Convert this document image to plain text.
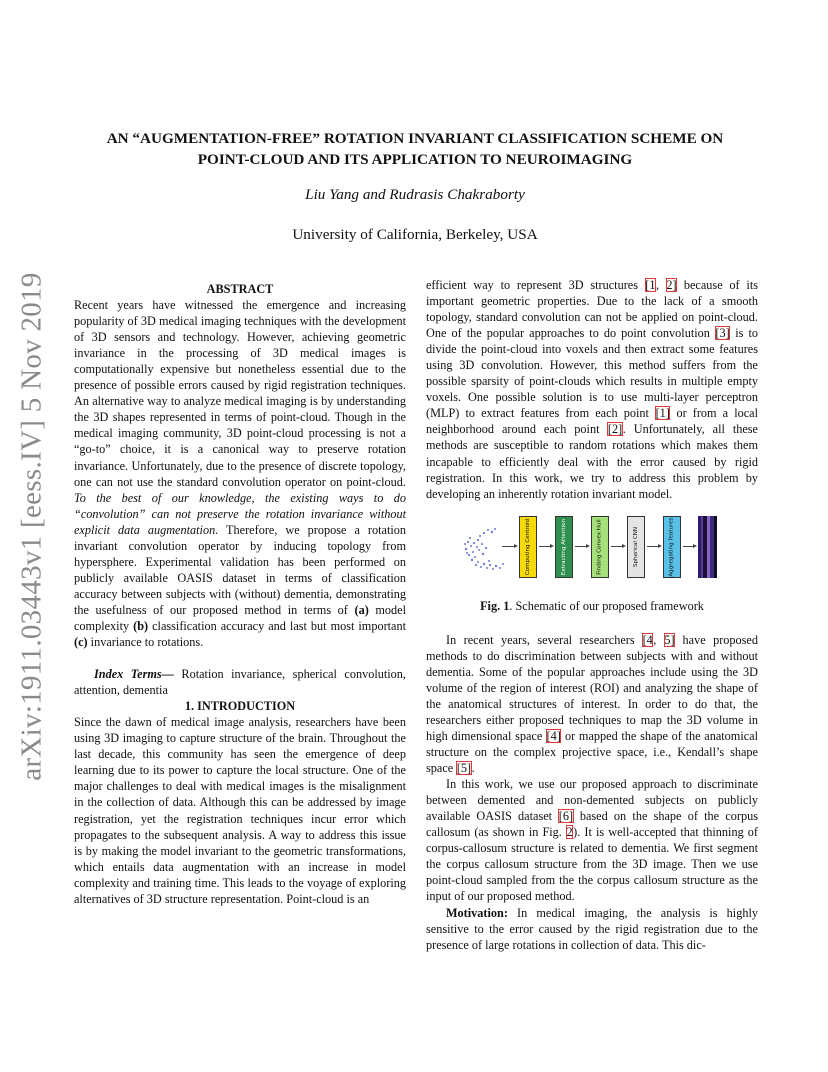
arXiv:1911.03443v1 [eess.IV] 5 Nov 2019
AN “AUGMENTATION-FREE” ROTATION INVARIANT CLASSIFICATION SCHEME ON
POINT-CLOUD AND ITS APPLICATION TO NEUROIMAGING
Liu Yang and Rudrasis Chakraborty
University of California, Berkeley, USA

ABSTRACT

Recent years have witnessed the emergence and increasing popularity of 3D medical imaging techniques with the development of 3D sensors and technology. However, achieving geometric invariance in the processing of 3D medical images is computationally expensive but nonetheless essential due to the presence of possible errors caused by rigid registration techniques. An alternative way to analyze medical imaging is by understanding the 3D shapes represented in terms of point-cloud. Though in the medical imaging community, 3D point-cloud processing is not a “go-to” choice, it is a canonical way to preserve rotation invariance. Unfortunately, due to the presence of discrete topology, one can not use the standard convolution operator on point-cloud. To the best of our knowledge, the existing ways to do “convolution” can not preserve the rotation invariance without explicit data augmentation. Therefore, we propose a rotation invariant convolution operator by inducing topology from hypersphere. Experimental validation has been performed on publicly available OASIS dataset in terms of classification accuracy between subjects with (without) dementia, demonstrating the usefulness of our proposed method in terms of (a) model complexity (b) classification accuracy and last but most important (c) invariance to rotations.

Index Terms— Rotation invariance, spherical convolution, attention, dementia

1. INTRODUCTION

Since the dawn of medical image analysis, researchers have been using 3D imaging to capture structure of the brain. Throughout the last decade, this community has seen the emergence of deep learning due to its power to capture the local structure. One of the major challenges to deal with medical images is the misalignment in the collection of data. Although this can be addressed by image registration, yet the registration techniques incur error which propagates to the subsequent analysis. A way to address this issue is by making the model invariant to the geometric transformations, which entails data augmentation with an increase in model complexity and training time. This leads to the voyage of exploring alternatives of 3D structure representation. Point-cloud is an

efficient way to represent 3D structures [1, 2] because of its important geometric properties. Due to the lack of a smooth topology, standard convolution can not be applied on point-cloud. One of the popular approaches to do point convolution [3] is to divide the point-cloud into voxels and then extract some features using 3D convolution. However, this method suffers from the possible sparsity of point-clouds which results in multiple empty voxels. One possible solution is to use multi-layer perceptron (MLP) to extract features from each point [1] or from a local neighborhood around each point [2]. Unfortunately, all these methods are susceptible to random rotations which makes them incapable to efficiently deal with the error caused by rigid registration. In this work, we try to address this problem by developing an inherently rotation invariant model.

Computing Centroid	Extracting Attention	Finding Convex Hull	Spherical CNN	Aggregating features

Fig. 1. Schematic of our proposed framework

In recent years, several researchers [4, 5] have proposed methods to do discrimination between subjects with and without dementia. Some of the popular approaches include using the 3D volume of the region of interest (ROI) and analyzing the shape of the anatomical structures of interest. In order to do that, the researchers either proposed techniques to map the 3D volume in high dimensional space [4] or mapped the shape of the anatomical structure on the complex projective space, i.e., Kendall’s shape space [5].

In this work, we use our proposed approach to discriminate between demented and non-demented subjects on publicly available OASIS dataset [6] based on the shape of the corpus callosum (as shown in Fig. 2). It is well-accepted that thinning of corpus-callosum structure is related to dementia. We first segment the corpus callosum structure from the 3D image. Then we use point-cloud sampled from the the corpus callosum structure as the input of our proposed method.

Motivation: In medical imaging, the analysis is highly sensitive to the error caused by the rigid registration due to the presence of large rotations in collection of data. This dic-
